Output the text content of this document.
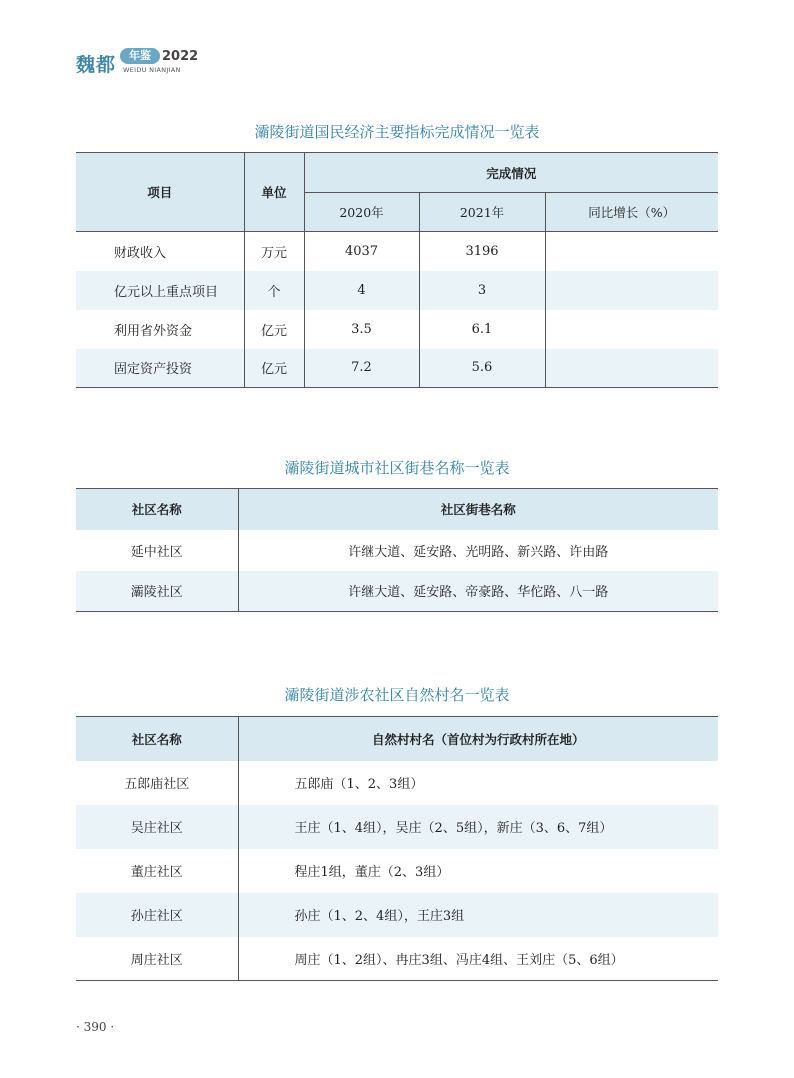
魏都	年鉴 2022
WEIDU NIANJIAN
灞陵街道国民经济主要指标完成情况一览表
项目	单位	完成情况		
		2020年	2021年	同比增长（%）
财政收入	万元	4037	3196	
亿元以上重点项目	个	4	3	
利用省外资金	亿元	3.5	6.1	
固定资产投资	亿元	7.2	5.6	
灞陵街道城市社区街巷名称一览表
社区名称	社区街巷名称
延中社区	许继大道、延安路、光明路、新兴路、许由路
灞陵社区	许继大道、延安路、帝豪路、华佗路、八一路
灞陵街道涉农社区自然村名一览表
社区名称	自然村村名（首位村为行政村所在地）
五郎庙社区	五郎庙（1、2、3组）
吴庄社区	王庄（1、4组），吴庄（2、5组），新庄（3、6、7组）
董庄社区	程庄1组，董庄（2、3组）
孙庄社区	孙庄（1、2、4组），王庄3组
周庄社区	周庄（1、2组）、冉庄3组、冯庄4组、王刘庄（5、6组）
· 390 ·
